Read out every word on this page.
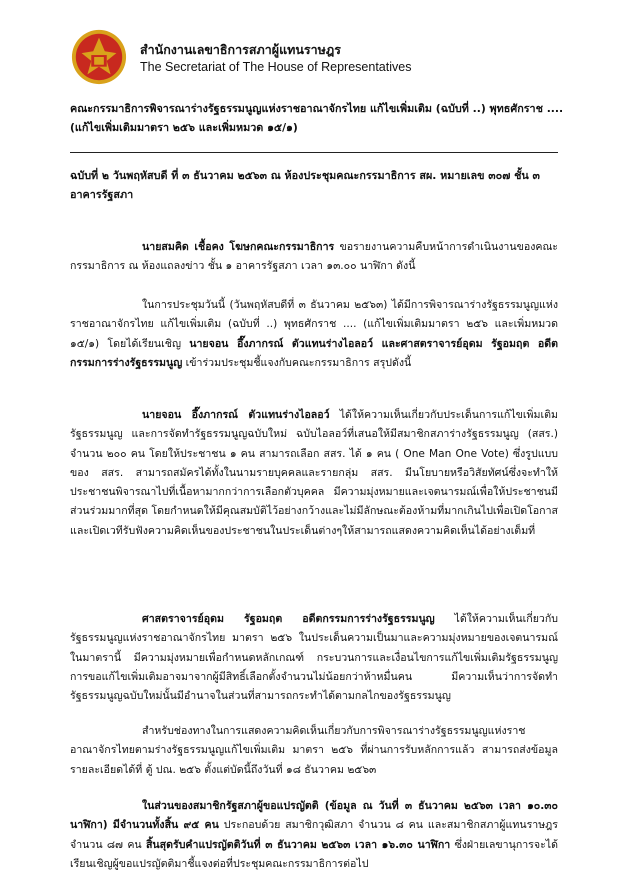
สำนักงานเลขาธิการสภาผู้แทนราษฎร
The Secretariat of The House of Representatives
คณะกรรมาธิการพิจารณาร่างรัฐธรรมนูญแห่งราชอาณาจักรไทย แก้ไขเพิ่มเติม (ฉบับที่ ..) พุทธศักราช .... (แก้ไขเพิ่มเติมมาตรา ๒๕๖ และเพิ่มหมวด ๑๕/๑)
ฉบับที่ ๒ วันพฤหัสบดี ที่ ๓ ธันวาคม ๒๕๖๓ ณ ห้องประชุมคณะกรรมาธิการ สผ. หมายเลข ๓๐๗ ชั้น ๓ อาคารรัฐสภา
นายสมคิด เชื้อคง โฆษกคณะกรรมาธิการ ขอรายงานความคืบหน้าการดำเนินงานของคณะกรรมาธิการ ณ ห้องแถลงข่าว ชั้น ๑ อาคารรัฐสภา เวลา ๑๓.๐๐ นาฬิกา ดังนี้
ในการประชุมวันนี้ (วันพฤหัสบดีที่ ๓ ธันวาคม ๒๕๖๓) ได้มีการพิจารณาร่างรัฐธรรมนูญแห่งราชอาณาจักรไทย แก้ไขเพิ่มเติม (ฉบับที่ ..) พุทธศักราช .... (แก้ไขเพิ่มเติมมาตรา ๒๕๖ และเพิ่มหมวด ๑๕/๑) โดยได้เรียนเชิญ นายจอน อึ๊งภากรณ์ ตัวแทนร่างไอลอว์ และศาสตราจารย์อุดม รัฐอมฤต อดีตกรรมการร่างรัฐธรรมนูญ เข้าร่วมประชุมชี้แจงกับคณะกรรมาธิการ สรุปดังนี้
นายจอน อึ๊งภากรณ์ ตัวแทนร่างไอลอว์ ได้ให้ความเห็นเกี่ยวกับประเด็นการแก้ไขเพิ่มเติมรัฐธรรมนูญ และการจัดทำรัฐธรรมนูญฉบับใหม่ ฉบับไอลอว์ที่เสนอให้มีสมาชิกสภาร่างรัฐธรรมนูญ (สสร.) จำนวน ๒๐๐ คน โดยให้ประชาชน ๑ คน สามารถเลือก สสร. ได้ ๑ คน ( One Man One Vote) ซึ่งรูปแบบของ สสร. สามารถสมัครได้ทั้งในนามรายบุคคลและรายกลุ่ม สสร. มีนโยบายหรือวิสัยทัศน์ซึ่งจะทำให้ประชาชนพิจารณาไปที่เนื้อหามากกว่าการเลือกตัวบุคคล มีความมุ่งหมายและเจตนารมณ์เพื่อให้ประชาชนมีส่วนร่วมมากที่สุด โดยกำหนดให้มีคุณสมบัติไว้อย่างกว้างและไม่มีลักษณะต้องห้ามที่มากเกินไปเพื่อเปิดโอกาสและเปิดเวทีรับฟังความคิดเห็นของประชาชนในประเด็นต่างๆให้สามารถแสดงความคิดเห็นได้อย่างเต็มที่
ศาสตราจารย์อุดม รัฐอมฤต อดีตกรรมการร่างรัฐธรรมนูญ ได้ให้ความเห็นเกี่ยวกับรัฐธรรมนูญแห่งราชอาณาจักรไทย มาตรา ๒๕๖ ในประเด็นความเป็นมาและความมุ่งหมายของเจตนารมณ์ในมาตรานี้ มีความมุ่งหมายเพื่อกำหนดหลักเกณฑ์ กระบวนการและเงื่อนไขการแก้ไขเพิ่มเติมรัฐธรรมนูญ การขอแก้ไขเพิ่มเติมอาจมาจากผู้มีสิทธิ์เลือกตั้งจำนวนไม่น้อยกว่าห้าหมื่นคน มีความเห็นว่าการจัดทำรัฐธรรมนูญฉบับใหม่นั้นมีอำนาจในส่วนที่สามารถกระทำได้ตามกลไกของรัฐธรรมนูญ
สำหรับช่องทางในการแสดงความคิดเห็นเกี่ยวกับการพิจารณาร่างรัฐธรรมนูญแห่งราชอาณาจักรไทยตามร่างรัฐธรรมนูญแก้ไขเพิ่มเติม มาตรา ๒๕๖ ที่ผ่านการรับหลักการแล้ว สามารถส่งข้อมูลรายละเอียดได้ที่ ตู้ ปณ. ๒๕๖ ตั้งแต่บัดนี้ถึงวันที่ ๑๘ ธันวาคม ๒๕๖๓
ในส่วนของสมาชิกรัฐสภาผู้ขอแปรญัตติ (ข้อมูล ณ วันที่ ๓ ธันวาคม ๒๕๖๓ เวลา ๑๐.๓๐ นาฬิกา) มีจำนวนทั้งสิ้น ๙๕ คน ประกอบด้วย สมาชิกวุฒิสภา จำนวน ๘ คน และสมาชิกสภาผู้แทนราษฎร จำนวน ๘๗ คน สิ้นสุดรับคำแปรญัตติวันที่ ๓ ธันวาคม ๒๕๖๓ เวลา ๑๖.๓๐ นาฬิกา ซึ่งฝ่ายเลขานุการจะได้เรียนเชิญผู้ขอแปรญัตติมาชี้แจงต่อที่ประชุมคณะกรรมาธิการต่อไป
